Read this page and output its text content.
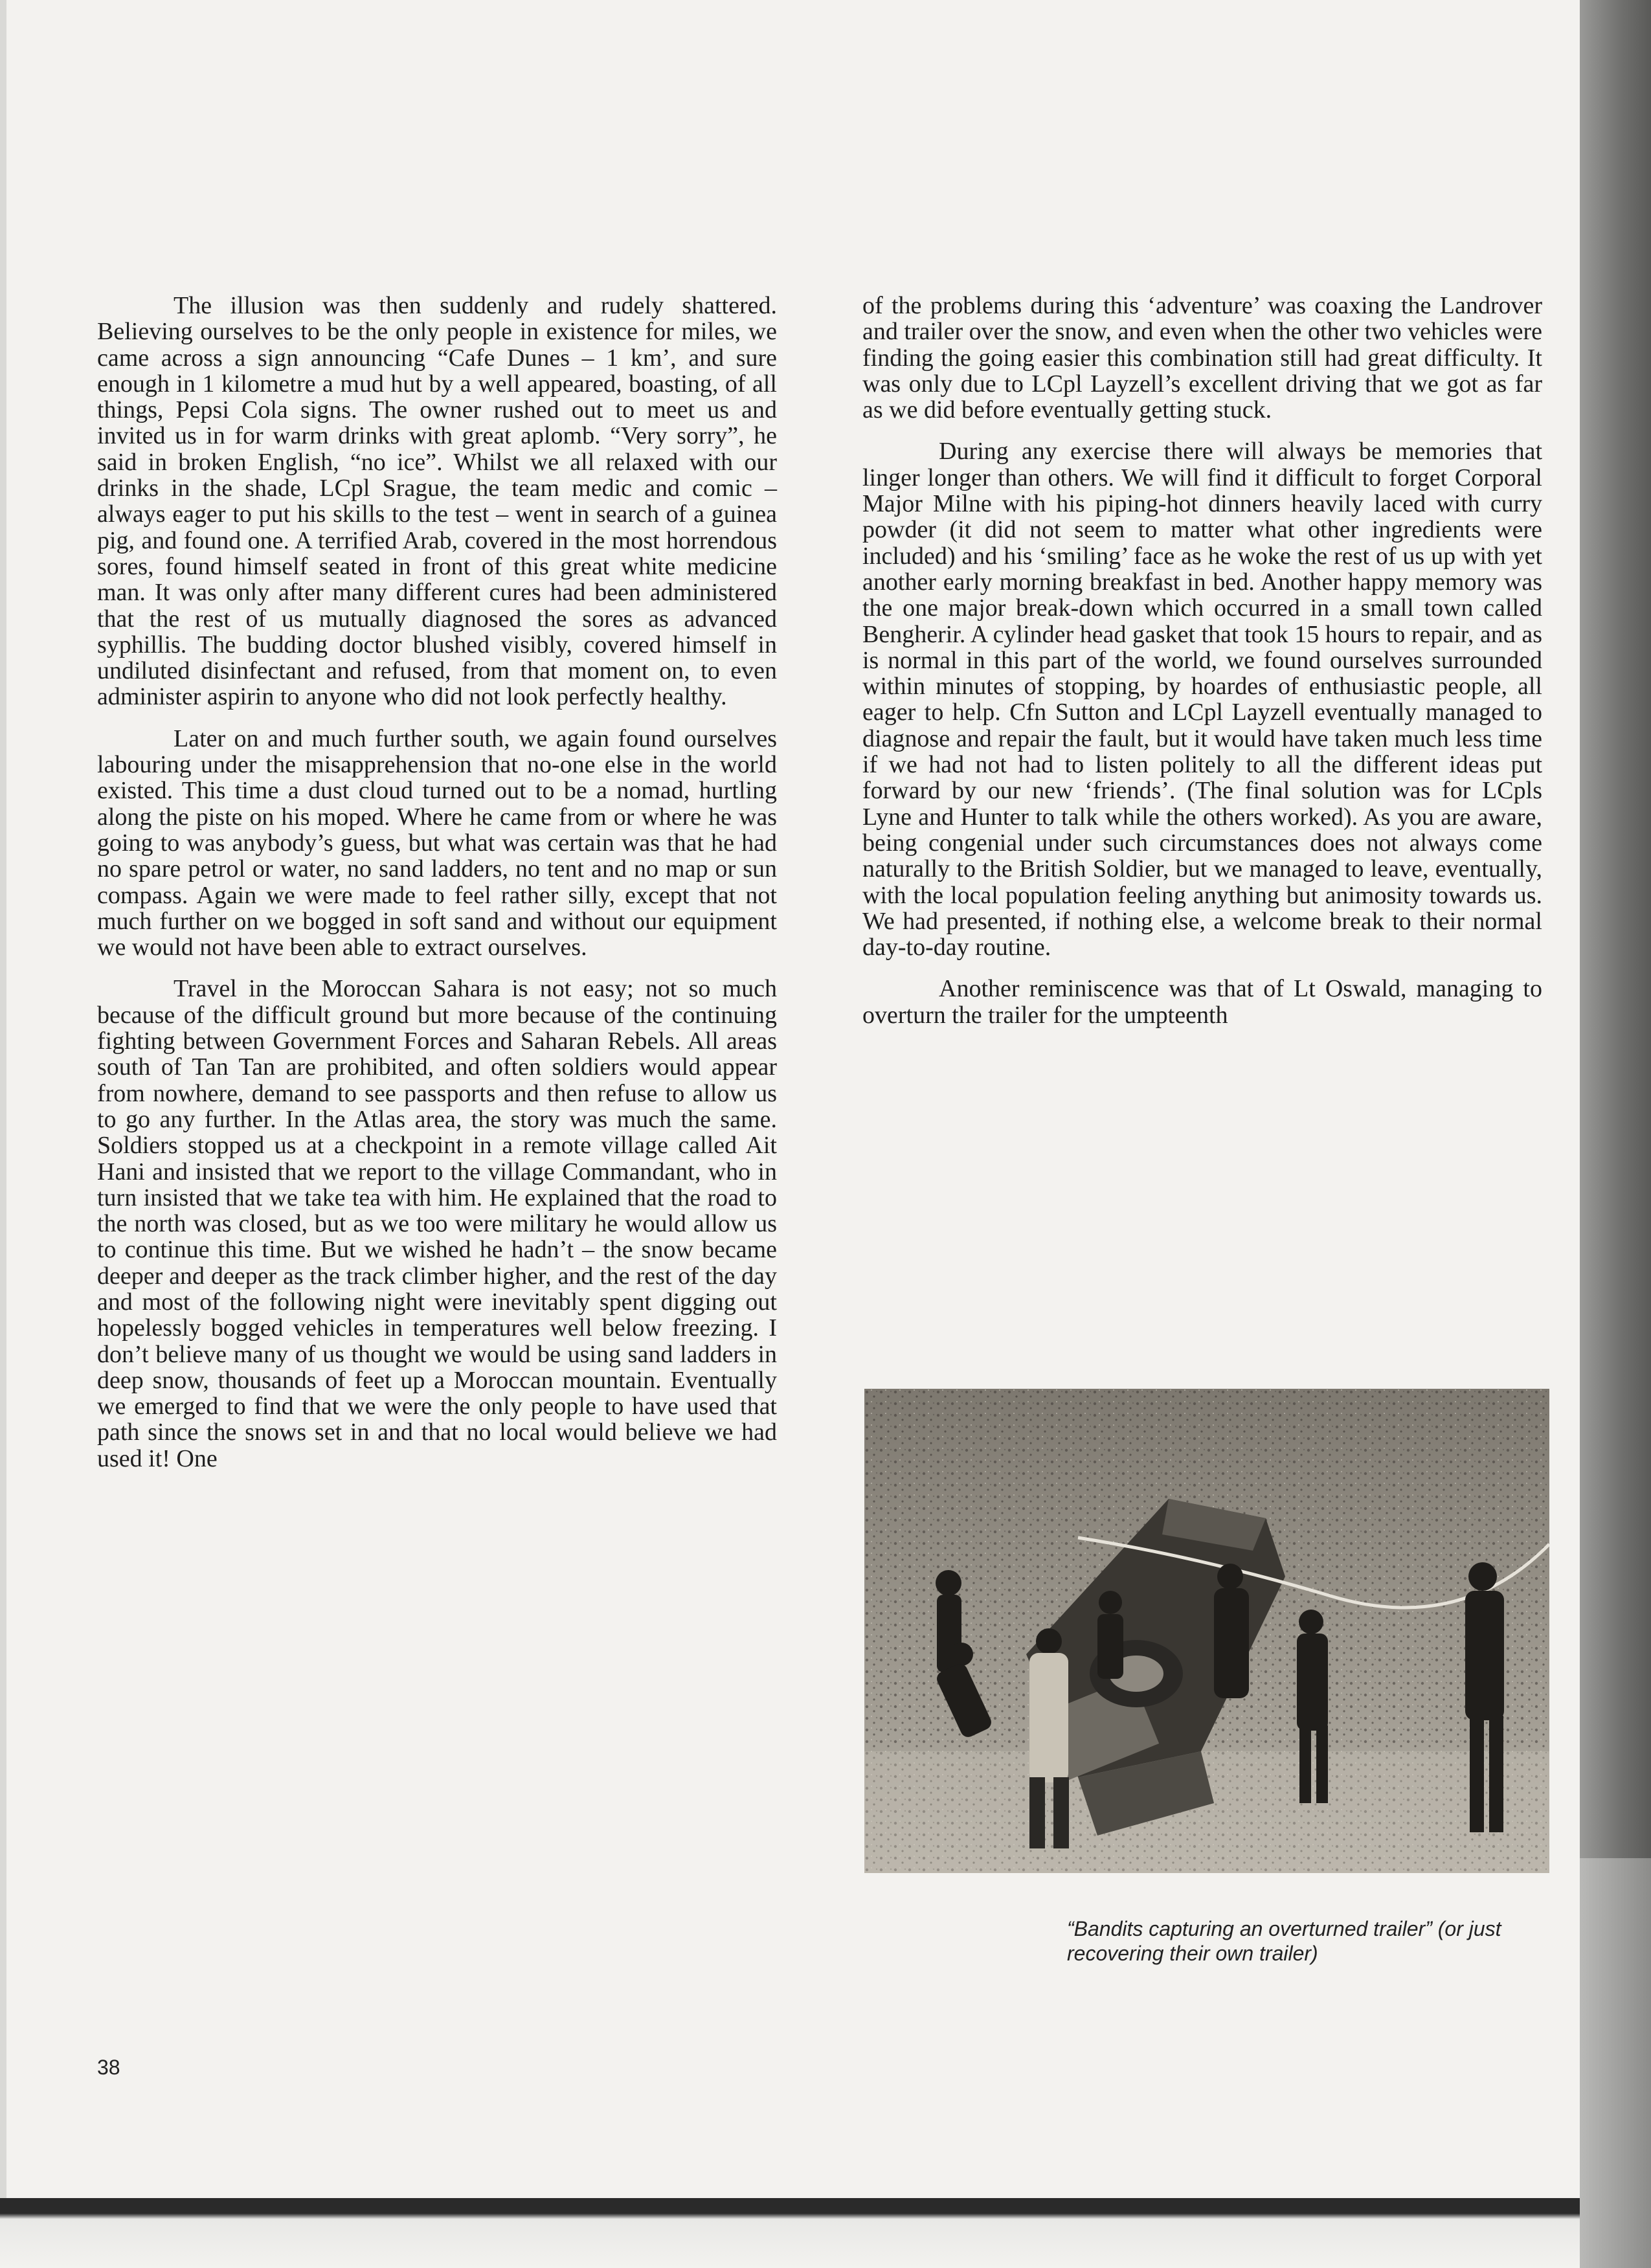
The illusion was then suddenly and rudely shattered. Believing ourselves to be the only people in existence for miles, we came across a sign announcing “Cafe Dunes – 1 km’, and sure enough in 1 kilometre a mud hut by a well appeared, boasting, of all things, Pepsi Cola signs. The owner rushed out to meet us and invited us in for warm drinks with great aplomb. “Very sorry”, he said in broken English, “no ice”. Whilst we all relaxed with our drinks in the shade, LCpl Srague, the team medic and comic – always eager to put his skills to the test – went in search of a guinea pig, and found one. A terrified Arab, covered in the most horrendous sores, found himself seated in front of this great white medicine man. It was only after many different cures had been administered that the rest of us mutually diagnosed the sores as advanced syphillis. The budding doctor blushed visibly, covered himself in undiluted disinfectant and refused, from that moment on, to even administer aspirin to anyone who did not look perfectly healthy.

Later on and much further south, we again found ourselves labouring under the misapprehension that no-one else in the world existed. This time a dust cloud turned out to be a nomad, hurtling along the piste on his moped. Where he came from or where he was going to was anybody’s guess, but what was certain was that he had no spare petrol or water, no sand ladders, no tent and no map or sun compass. Again we were made to feel rather silly, except that not much further on we bogged in soft sand and without our equipment we would not have been able to extract ourselves.

Travel in the Moroccan Sahara is not easy; not so much because of the difficult ground but more because of the continuing fighting between Government Forces and Saharan Rebels. All areas south of Tan Tan are prohibited, and often soldiers would appear from nowhere, demand to see passports and then refuse to allow us to go any further. In the Atlas area, the story was much the same. Soldiers stopped us at a checkpoint in a remote village called Ait Hani and insisted that we report to the village Commandant, who in turn insisted that we take tea with him. He explained that the road to the north was closed, but as we too were military he would allow us to continue this time. But we wished he hadn’t – the snow became deeper and deeper as the track climber higher, and the rest of the day and most of the following night were inevitably spent digging out hopelessly bogged vehicles in temperatures well below freezing. I don’t believe many of us thought we would be using sand ladders in deep snow, thousands of feet up a Moroccan mountain. Eventually we emerged to find that we were the only people to have used that path since the snows set in and that no local would believe we had used it! One

of the problems during this ‘adventure’ was coaxing the Landrover and trailer over the snow, and even when the other two vehicles were finding the going easier this combination still had great difficulty. It was only due to LCpl Layzell’s excellent driving that we got as far as we did before eventually getting stuck.

During any exercise there will always be memories that linger longer than others. We will find it difficult to forget Corporal Major Milne with his piping-hot dinners heavily laced with curry powder (it did not seem to matter what other ingredients were included) and his ‘smiling’ face as he woke the rest of us up with yet another early morning breakfast in bed. Another happy memory was the one major break-down which occurred in a small town called Bengherir. A cylinder head gasket that took 15 hours to repair, and as is normal in this part of the world, we found ourselves surrounded within minutes of stopping, by hoardes of enthusiastic people, all eager to help. Cfn Sutton and LCpl Layzell eventually managed to diagnose and repair the fault, but it would have taken much less time if we had not had to listen politely to all the different ideas put forward by our new ‘friends’. (The final solution was for LCpls Lyne and Hunter to talk while the others worked). As you are aware, being congenial under such circumstances does not always come naturally to the British Soldier, but we managed to leave, eventually, with the local population feeling anything but animosity towards us. We had presented, if nothing else, a welcome break to their normal day-to-day routine.

Another reminiscence was that of Lt Oswald, managing to overturn the trailer for the umpteenth

“Bandits capturing an overturned trailer” (or just recovering their own trailer)
38
